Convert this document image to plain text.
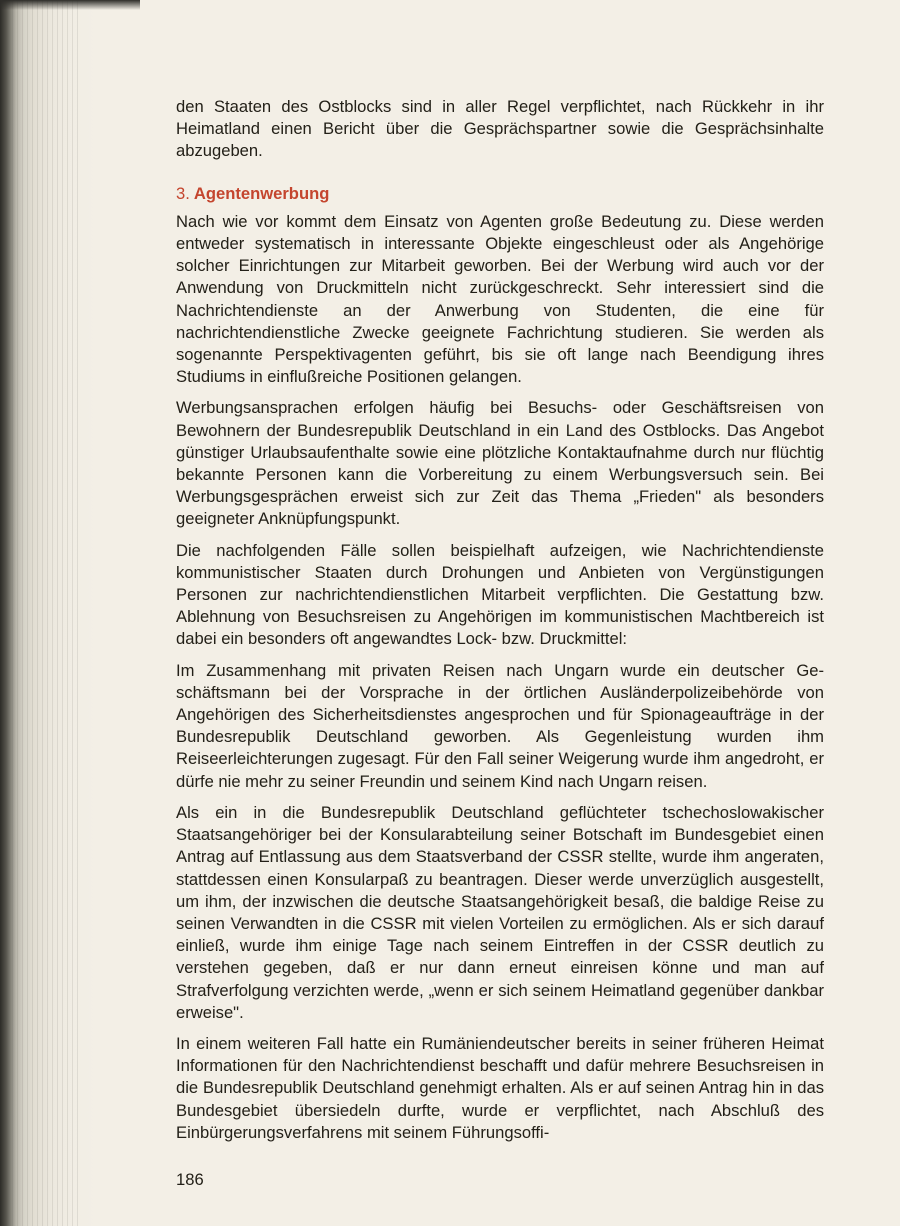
den Staaten des Ostblocks sind in aller Regel verpflichtet, nach Rückkehr in ihr Heimatland einen Bericht über die Gesprächspartner sowie die Gesprächsinhalte abzugeben.

3. Agentenwerbung

Nach wie vor kommt dem Einsatz von Agenten große Bedeutung zu. Diese werden entweder systematisch in interessante Objekte eingeschleust oder als Angehörige solcher Einrichtungen zur Mitarbeit geworben. Bei der Werbung wird auch vor der Anwendung von Druckmitteln nicht zurückgeschreckt. Sehr interessiert sind die Nachrichtendienste an der Anwerbung von Studenten, die eine für nachrichtendienstliche Zwecke geeignete Fachrichtung studieren. Sie werden als sogenannte Perspektivagenten geführt, bis sie oft lange nach Beendigung ihres Studiums in einflußreiche Positionen gelangen.

Werbungsansprachen erfolgen häufig bei Besuchs- oder Geschäftsreisen von Bewohnern der Bundesrepublik Deutschland in ein Land des Ostblocks. Das Angebot günstiger Urlaubsaufenthalte sowie eine plötzliche Kontaktaufnahme durch nur flüchtig bekannte Personen kann die Vorbereitung zu einem Werbungsversuch sein. Bei Werbungsgesprächen erweist sich zur Zeit das Thema „Frieden" als besonders geeigneter Anknüpfungspunkt.

Die nachfolgenden Fälle sollen beispielhaft aufzeigen, wie Nachrichtendienste kommunistischer Staaten durch Drohungen und Anbieten von Vergünstigungen Personen zur nachrichtendienstlichen Mitarbeit verpflichten. Die Gestattung bzw. Ablehnung von Besuchsreisen zu Angehörigen im kommunistischen Machtbereich ist dabei ein besonders oft angewandtes Lock- bzw. Druckmittel:

Im Zusammenhang mit privaten Reisen nach Ungarn wurde ein deutscher Geschäftsmann bei der Vorsprache in der örtlichen Ausländerpolizeibehörde von Angehörigen des Sicherheitsdienstes angesprochen und für Spionageaufträge in der Bundesrepublik Deutschland geworben. Als Gegenleistung wurden ihm Reiseerleichterungen zugesagt. Für den Fall seiner Weigerung wurde ihm angedroht, er dürfe nie mehr zu seiner Freundin und seinem Kind nach Ungarn reisen.

Als ein in die Bundesrepublik Deutschland geflüchteter tschechoslowakischer Staatsangehöriger bei der Konsularabteilung seiner Botschaft im Bundesgebiet einen Antrag auf Entlassung aus dem Staatsverband der CSSR stellte, wurde ihm angeraten, stattdessen einen Konsularpaß zu beantragen. Dieser werde unverzüglich ausgestellt, um ihm, der inzwischen die deutsche Staatsangehörigkeit besaß, die baldige Reise zu seinen Verwandten in die CSSR mit vielen Vorteilen zu ermöglichen. Als er sich darauf einließ, wurde ihm einige Tage nach seinem Eintreffen in der CSSR deutlich zu verstehen gegeben, daß er nur dann erneut einreisen könne und man auf Strafverfolgung verzichten werde, „wenn er sich seinem Heimatland gegenüber dankbar erweise".

In einem weiteren Fall hatte ein Rumäniendeutscher bereits in seiner früheren Heimat Informationen für den Nachrichtendienst beschafft und dafür mehrere Besuchsreisen in die Bundesrepublik Deutschland genehmigt erhalten. Als er auf seinen Antrag hin in das Bundesgebiet übersiedeln durfte, wurde er verpflichtet, nach Abschluß des Einbürgerungsverfahrens mit seinem Führungsoffi-

186
